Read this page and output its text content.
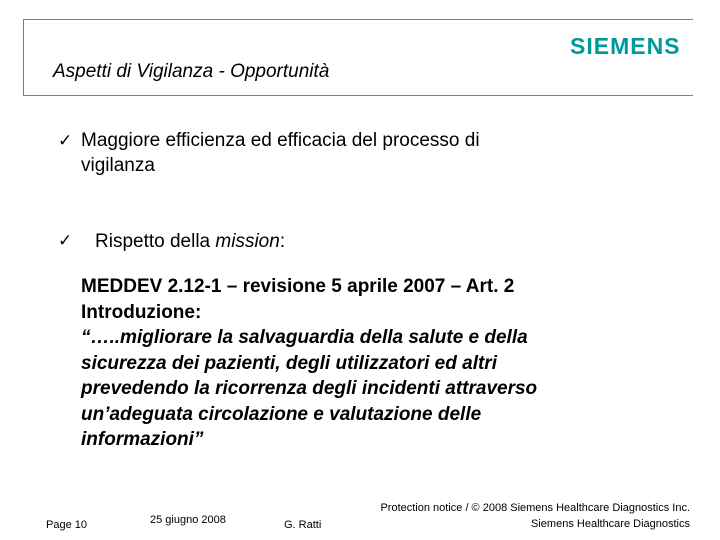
Aspetti di Vigilanza - Opportunità
SIEMENS
✓ Maggiore efficienza ed efficacia del processo di
vigilanza
✓ Rispetto della mission:
MEDDEV 2.12-1 – revisione 5 aprile 2007 – Art. 2
Introduzione:
“…..migliorare la salvaguardia della salute e della
sicurezza dei pazienti, degli utilizzatori ed altri
prevedendo la ricorrenza degli incidenti attraverso
un’adeguata circolazione e valutazione delle
informazioni”
Page 10	25 giugno 2008	G. Ratti
Protection notice / © 2008 Siemens Healthcare Diagnostics Inc.
Siemens Healthcare Diagnostics
